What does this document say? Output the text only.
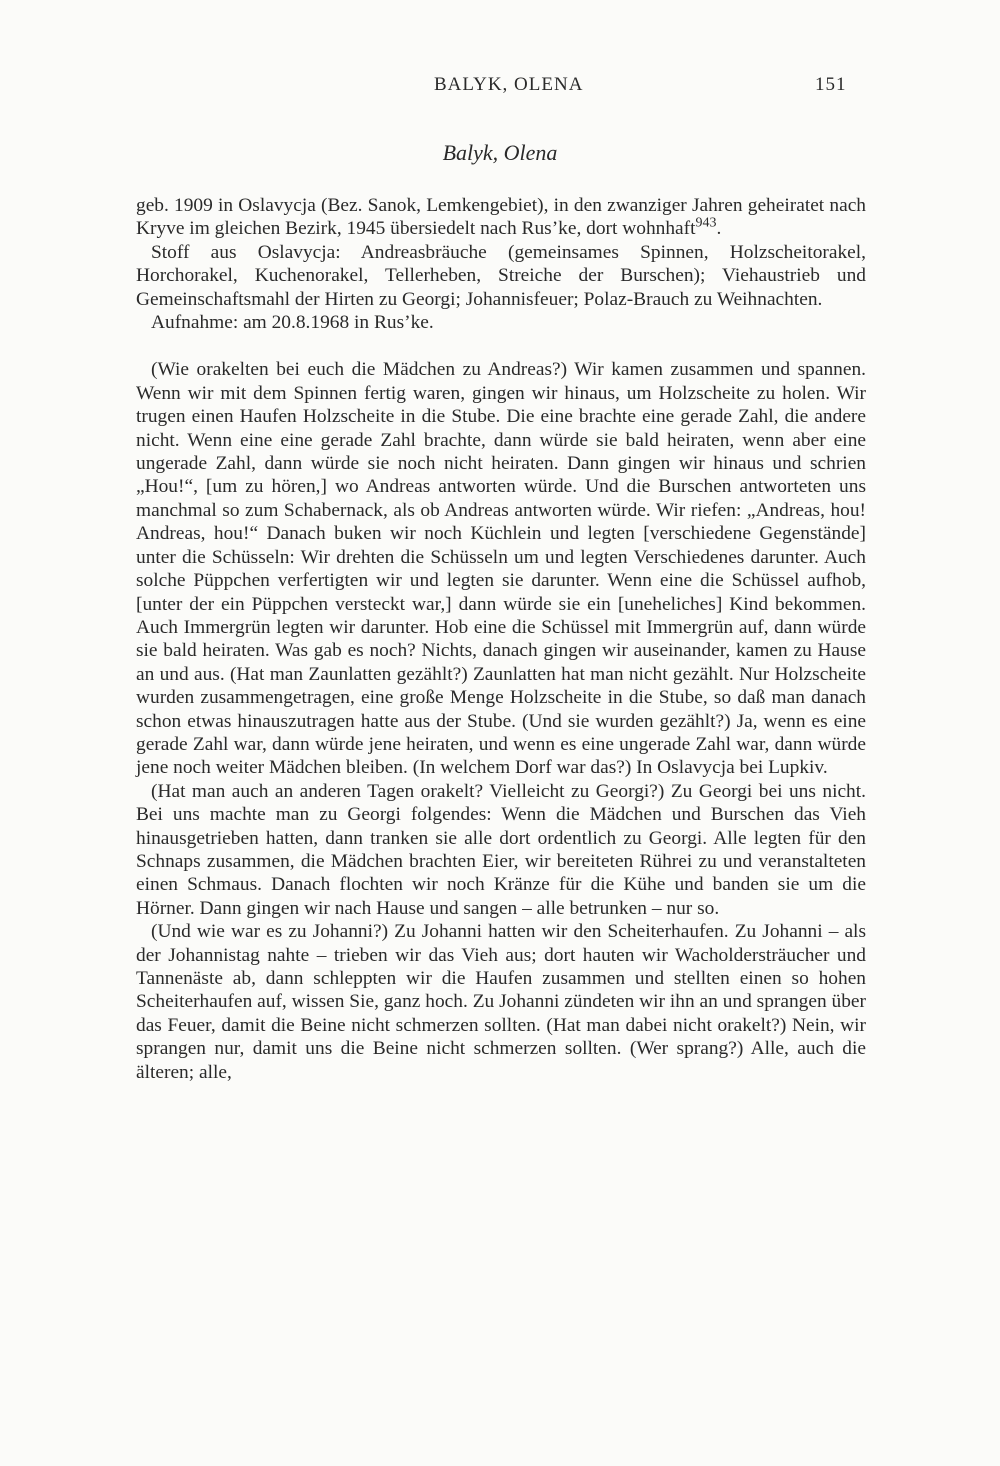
BALYK, OLENA	151
Balyk, Olena

geb. 1909 in Oslavycja (Bez. Sanok, Lemkengebiet), in den zwanziger Jahren geheiratet nach Kryve im gleichen Bezirk, 1945 übersiedelt nach Rus’ke, dort wohnhaft$^{943}$.

Stoff aus Oslavycja: Andreasbräuche (gemeinsames Spinnen, Holzscheitorakel, Horchorakel, Kuchenorakel, Tellerheben, Streiche der Burschen); Viehaustrieb und Gemeinschaftsmahl der Hirten zu Georgi; Johannisfeuer; Polaz-Brauch zu Weihnachten.

Aufnahme: am 20.8.1968 in Rus’ke.

(Wie orakelten bei euch die Mädchen zu Andreas?) Wir kamen zusammen und spannen. Wenn wir mit dem Spinnen fertig waren, gingen wir hinaus, um Holzscheite zu holen. Wir trugen einen Haufen Holzscheite in die Stube. Die eine brachte eine gerade Zahl, die andere nicht. Wenn eine eine gerade Zahl brachte, dann würde sie bald heiraten, wenn aber eine ungerade Zahl, dann würde sie noch nicht heiraten. Dann gingen wir hinaus und schrien „Hou!“, [um zu hören,] wo Andreas antworten würde. Und die Burschen antworteten uns manchmal so zum Schabernack, als ob Andreas antworten würde. Wir riefen: „Andreas, hou! Andreas, hou!“ Danach buken wir noch Küchlein und legten [verschiedene Gegenstände] unter die Schüsseln: Wir drehten die Schüsseln um und legten Verschiedenes darunter. Auch solche Püppchen verfertigten wir und legten sie darunter. Wenn eine die Schüssel aufhob, [unter der ein Püppchen versteckt war,] dann würde sie ein [uneheliches] Kind bekommen. Auch Immergrün legten wir darunter. Hob eine die Schüssel mit Immergrün auf, dann würde sie bald heiraten. Was gab es noch? Nichts, danach gingen wir auseinander, kamen zu Hause an und aus. (Hat man Zaunlatten gezählt?) Zaunlatten hat man nicht gezählt. Nur Holzscheite wurden zusammengetragen, eine große Menge Holzscheite in die Stube, so daß man danach schon etwas hinauszutragen hatte aus der Stube. (Und sie wurden gezählt?) Ja, wenn es eine gerade Zahl war, dann würde jene heiraten, und wenn es eine ungerade Zahl war, dann würde jene noch weiter Mädchen bleiben. (In welchem Dorf war das?) In Oslavycja bei Lupkiv.

(Hat man auch an anderen Tagen orakelt? Vielleicht zu Georgi?) Zu Georgi bei uns nicht. Bei uns machte man zu Georgi folgendes: Wenn die Mädchen und Burschen das Vieh hinausgetrieben hatten, dann tranken sie alle dort ordentlich zu Georgi. Alle legten für den Schnaps zusammen, die Mädchen brachten Eier, wir bereiteten Rührei zu und veranstalteten einen Schmaus. Danach flochten wir noch Kränze für die Kühe und banden sie um die Hörner. Dann gingen wir nach Hause und sangen – alle betrunken – nur so.

(Und wie war es zu Johanni?) Zu Johanni hatten wir den Scheiterhaufen. Zu Johanni – als der Johannistag nahte – trieben wir das Vieh aus; dort hauten wir Wacholdersträucher und Tannenäste ab, dann schleppten wir die Haufen zusammen und stellten einen so hohen Scheiterhaufen auf, wissen Sie, ganz hoch. Zu Johanni zündeten wir ihn an und sprangen über das Feuer, damit die Beine nicht schmerzen sollten. (Hat man dabei nicht orakelt?) Nein, wir sprangen nur, damit uns die Beine nicht schmerzen sollten. (Wer sprang?) Alle, auch die älteren; alle,
